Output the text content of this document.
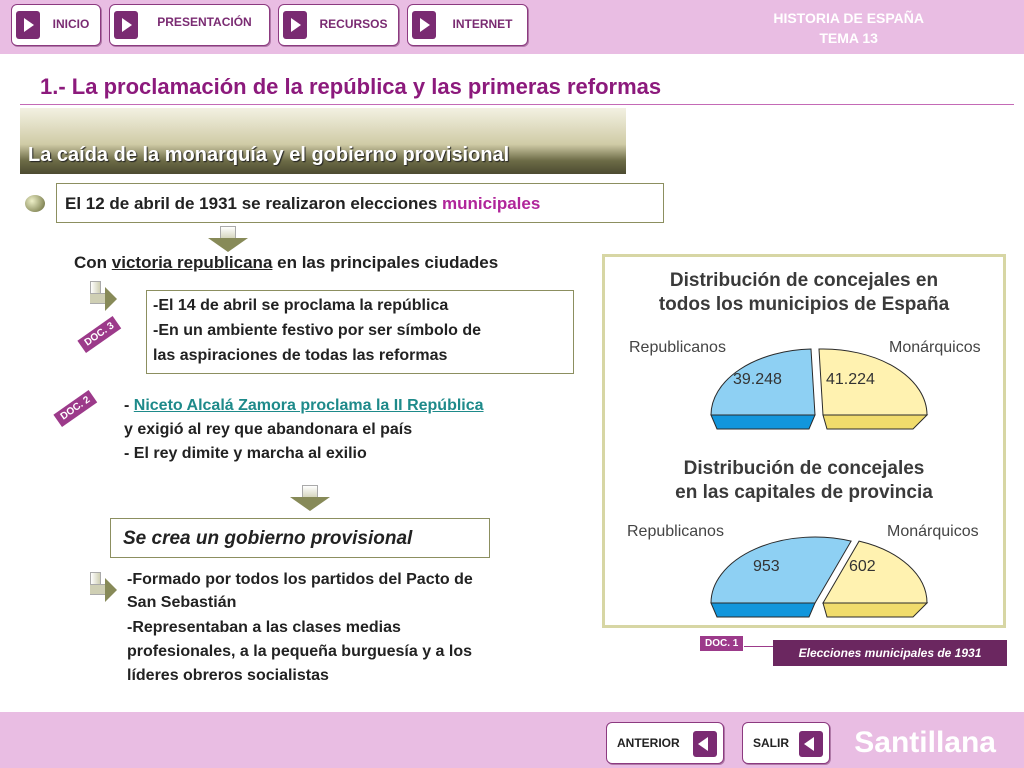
INICIO	PRESENTACIÓN	RECURSOS	INTERNET	HISTORIA DE ESPAÑA
TEMA 13
1.- La proclamación de la república y las primeras reformas
La caída de la monarquía y el gobierno provisional
El 12 de abril de 1931 se realizaron elecciones municipales
Con victoria republicana en las principales ciudades
DOC. 3
-El 14 de abril se proclama la república
-En un ambiente festivo por ser símbolo de
las aspiraciones de todas las reformas
DOC. 2	- Niceto Alcalá Zamora proclama la II República
y exigió al rey que abandonara el país
- El rey dimite y marcha al exilio
Se crea un gobierno provisional
-Formado por todos los partidos del Pacto de
San Sebastián
-Representaban a las clases medias
profesionales, a la pequeña burguesía y a los
líderes obreros socialistas
Distribución de concejales en
todos los municipios de España
Republicanos	Monárquicos
39.248	41.224
Distribución de concejales
en las capitales de provincia
Republicanos	Monárquicos
953	602
DOC. 1
Elecciones municipales de 1931
ANTERIOR	SALIR Santillana
